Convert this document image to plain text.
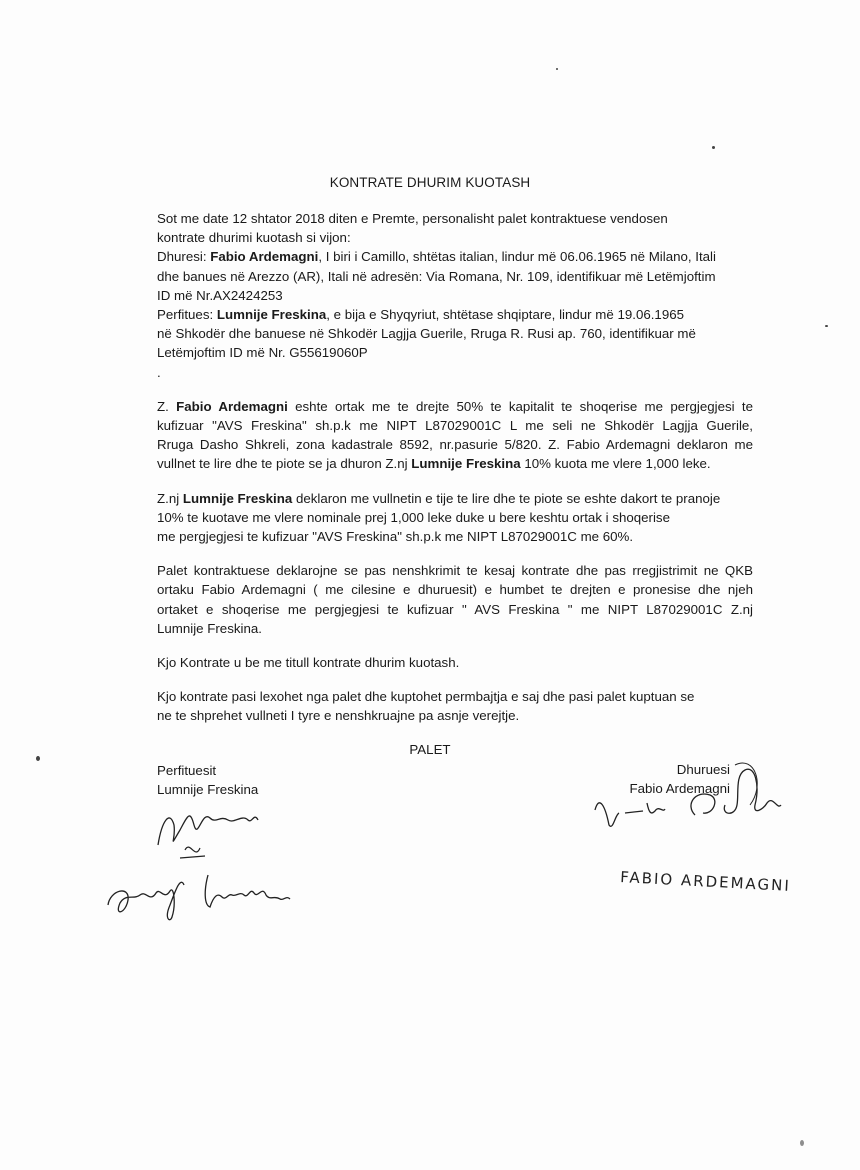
KONTRATE DHURIM KUOTASH
Sot me date 12 shtator 2018 diten e Premte, personalisht palet kontraktuese vendosen
kontrate dhurimi kuotash si vijon:
Dhuresi: Fabio Ardemagni, I biri i Camillo, shtëtas italian, lindur më 06.06.1965 në Milano, Itali
dhe banues në Arezzo (AR), Itali në adresën: Via Romana, Nr. 109, identifikuar më Letëmjoftim
ID më Nr.AX2424253
Perfitues: Lumnije Freskina, e bija e Shyqyriut, shtëtase shqiptare, lindur më 19.06.1965
në Shkodër dhe banuese në Shkodër Lagjja Guerile, Rruga R. Rusi ap. 760, identifikuar më
Letëmjoftim ID më Nr. G55619060P
.
Z. Fabio Ardemagni eshte ortak me te drejte 50% te kapitalit te shoqerise me pergjegjesi te
kufizuar "AVS Freskina" sh.p.k me NIPT L87029001C L me seli ne Shkodër Lagjja Guerile,
Rruga Dasho Shkreli, zona kadastrale 8592, nr.pasurie 5/820. Z. Fabio Ardemagni deklaron me
vullnet te lire dhe te piote se ja dhuron Z.nj Lumnije Freskina 10% kuota me vlere 1,000 leke.
Z.nj Lumnije Freskina deklaron me vullnetin e tije te lire dhe te piote se eshte dakort te pranoje
10% te kuotave me vlere nominale prej 1,000 leke duke u bere keshtu ortak i shoqerise
me pergjegjesi te kufizuar "AVS Freskina" sh.p.k me NIPT L87029001C me 60%.
Palet kontraktuese deklarojne se pas nenshkrimit te kesaj kontrate dhe pas rregjistrimit ne QKB
ortaku Fabio Ardemagni ( me cilesine e dhuruesit) e humbet te drejten e pronesise dhe njeh
ortaket e shoqerise me pergjegjesi te kufizuar " AVS Freskina " me NIPT L87029001C Z.nj
Lumnije Freskina.
Kjo Kontrate u be me titull kontrate dhurim kuotash.
Kjo kontrate pasi lexohet nga palet dhe kuptohet permbajtja e saj dhe pasi palet kuptuan se
ne te shprehet vullneti I tyre e nenshkruajne pa asnje verejtje.
PALET
Perfituesit
Lumnije Freskina
Dhuruesi
Fabio Ardemagni
FABIO ARDEMAGNI
